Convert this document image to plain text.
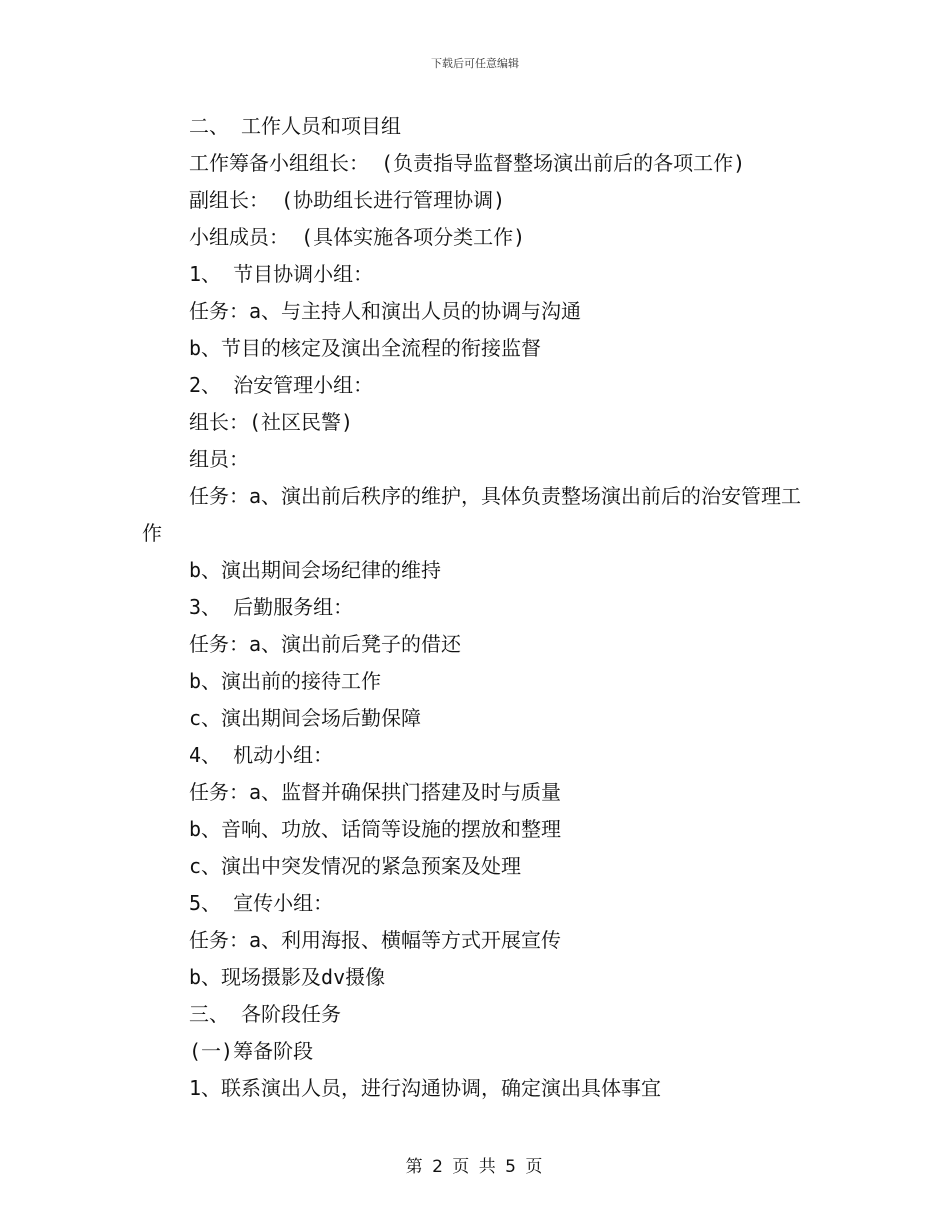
下载后可任意编辑
二、 工作人员和项目组
工作筹备小组组长： (负责指导监督整场演出前后的各项工作)
副组长： (协助组长进行管理协调)
小组成员： (具体实施各项分类工作)
1、 节目协调小组：
任务：a、与主持人和演出人员的协调与沟通
b、节目的核定及演出全流程的衔接监督
2、 治安管理小组：
组长：(社区民警)
组员：
任务：a、演出前后秩序的维护，具体负责整场演出前后的治安管理工作
b、演出期间会场纪律的维持
3、 后勤服务组：
任务：a、演出前后凳子的借还
b、演出前的接待工作
c、演出期间会场后勤保障
4、 机动小组：
任务：a、监督并确保拱门搭建及时与质量
b、音响、功放、话筒等设施的摆放和整理
c、演出中突发情况的紧急预案及处理
5、 宣传小组：
任务：a、利用海报、横幅等方式开展宣传
b、现场摄影及dv摄像
三、 各阶段任务
(一)筹备阶段
1、联系演出人员，进行沟通协调，确定演出具体事宜
第 2 页 共 5 页
